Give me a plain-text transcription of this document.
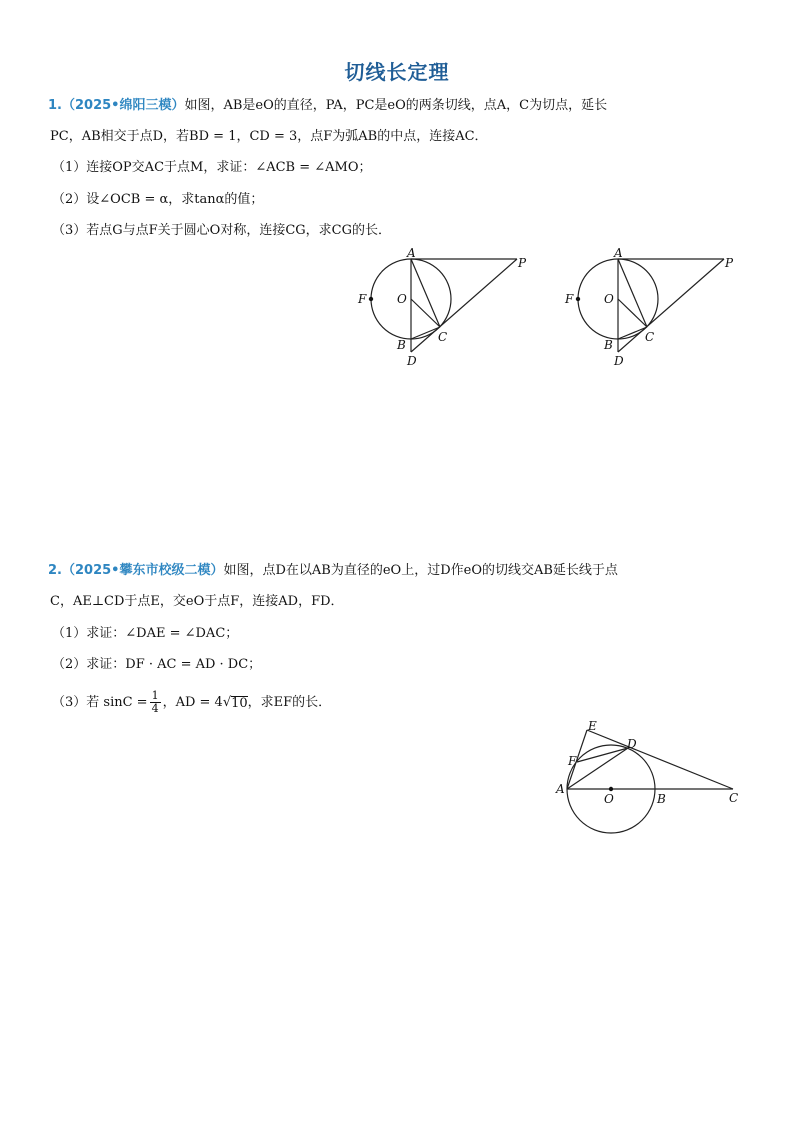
切线长定理
1.（2025•绵阳三模）如图，AB是eO的直径，PA，PC是eO的两条切线，点A，C为切点，延长
PC，AB相交于点D，若BD = 1，CD = 3，点F为弧AB的中点，连接AC．
（1）连接OP交AC于点M，求证：∠ACB = ∠AMO；
（2）设∠OCB = α，求tanα的值；
（3）若点G与点F关于圆心O对称，连接CG，求CG的长．
A
P
F	O
C
B
D
A
P
F	O
C
B
D
2.（2025•攀东市校级二模）如图，点D在以AB为直径的eO上，过D作eO的切线交AB延长线于点
C，AE⊥CD于点E，交eO于点F，连接AD，FD．
（1）求证：∠DAE = ∠DAC；
（2）求证：DF · AC = AD · DC；
（3）若 $\sin C = \frac{1}{4}$ ，AD = 4 √ 10 ，求EF的长．
E
D
F
A
O	B	C
